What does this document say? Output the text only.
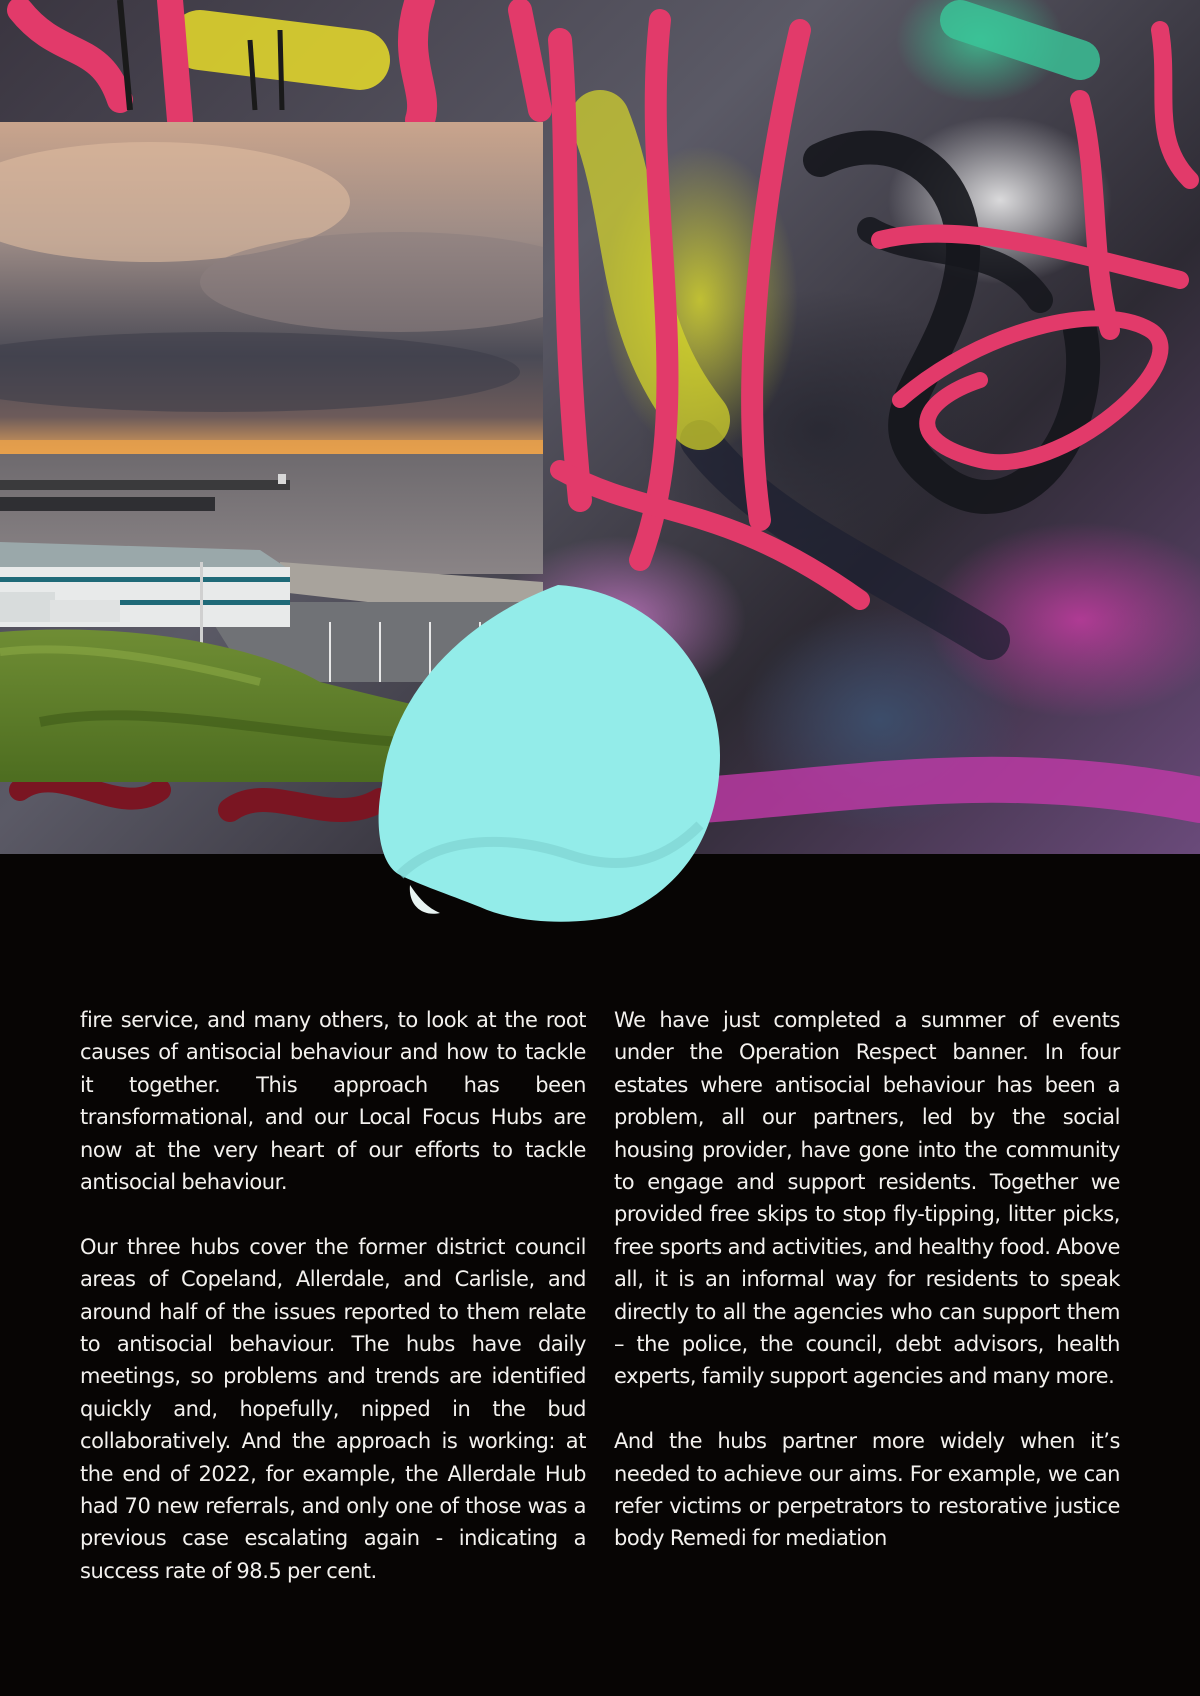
fire service, and many others, to look at the root causes of antisocial behaviour and how to tackle it together. This approach has been transformational, and our Local Focus Hubs are now at the very heart of our efforts to tackle antisocial behaviour.

Our three hubs cover the former district council areas of Copeland, Allerdale, and Carlisle, and around half of the issues reported to them relate to antisocial behaviour. The hubs have daily meetings, so problems and trends are identified quickly and, hopefully, nipped in the bud collaboratively. And the approach is working: at the end of 2022, for example, the Allerdale Hub had 70 new referrals, and only one of those was a previous case escalating again - indicating a success rate of 98.5 per cent.

We have just completed a summer of events under the Operation Respect banner. In four estates where antisocial behaviour has been a problem, all our partners, led by the social housing provider, have gone into the community to engage and support residents. Together we provided free skips to stop fly-tipping, litter picks, free sports and activities, and healthy food. Above all, it is an informal way for residents to speak directly to all the agencies who can support them – the police, the council, debt advisors, health experts, family support agencies and many more.

And the hubs partner more widely when it’s needed to achieve our aims. For example, we can refer victims or perpetrators to restorative justice body Remedi for mediation
